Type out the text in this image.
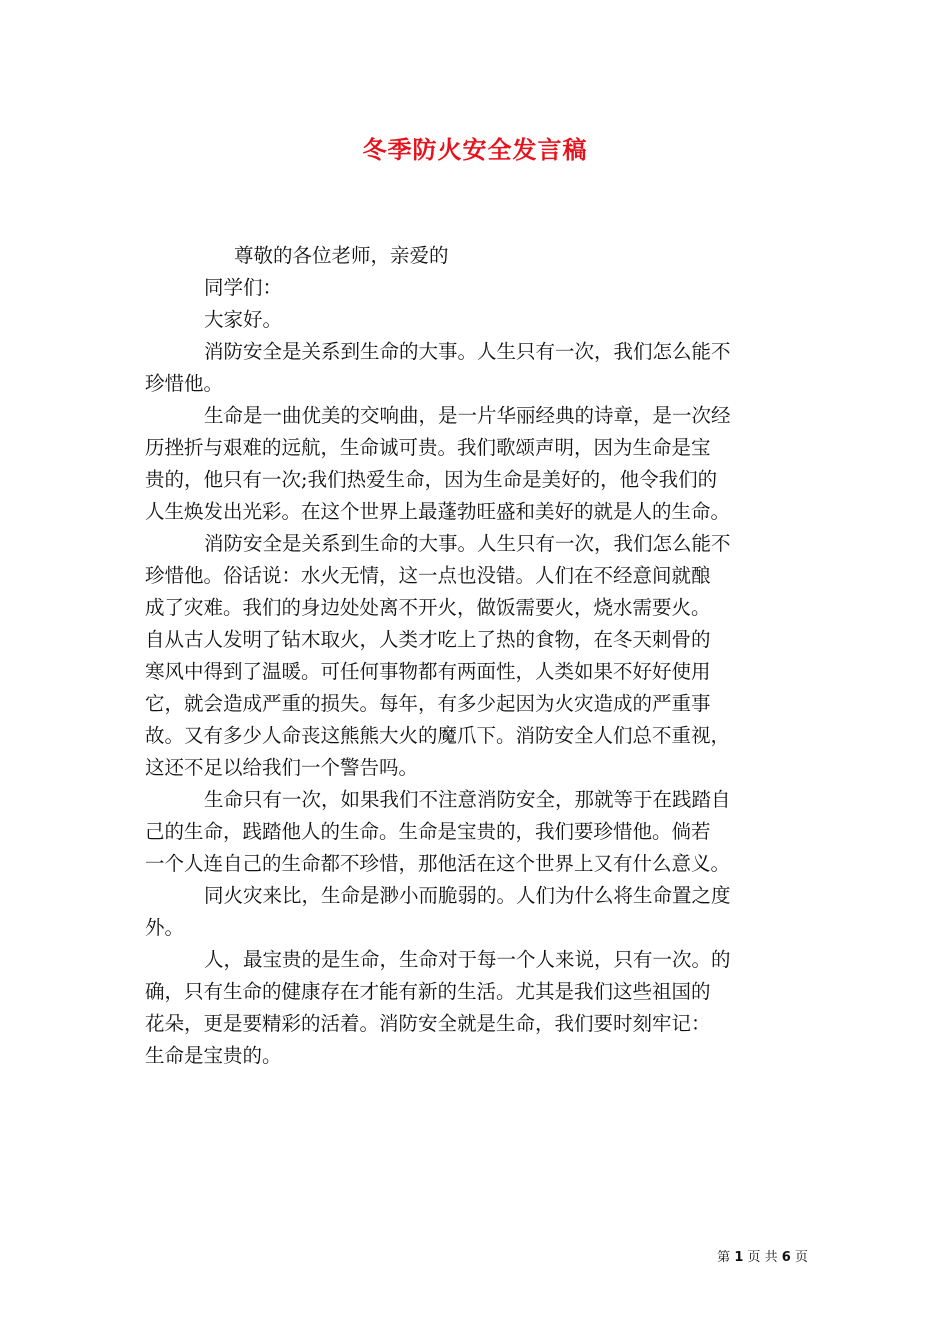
冬季防火安全发言稿
尊敬的各位老师，亲爱的
同学们：
大家好。
消防安全是关系到生命的大事。人生只有一次，我们怎么能不
珍惜他。
生命是一曲优美的交响曲，是一片华丽经典的诗章，是一次经
历挫折与艰难的远航，生命诚可贵。我们歌颂声明，因为生命是宝
贵的，他只有一次;我们热爱生命，因为生命是美好的，他令我们的
人生焕发出光彩。在这个世界上最蓬勃旺盛和美好的就是人的生命。
消防安全是关系到生命的大事。人生只有一次，我们怎么能不
珍惜他。俗话说：水火无情，这一点也没错。人们在不经意间就酿
成了灾难。我们的身边处处离不开火，做饭需要火，烧水需要火。
自从古人发明了钻木取火，人类才吃上了热的食物，在冬天刺骨的
寒风中得到了温暖。可任何事物都有两面性，人类如果不好好使用
它，就会造成严重的损失。每年，有多少起因为火灾造成的严重事
故。又有多少人命丧这熊熊大火的魔爪下。消防安全人们总不重视，
这还不足以给我们一个警告吗。
生命只有一次，如果我们不注意消防安全，那就等于在践踏自
己的生命，践踏他人的生命。生命是宝贵的，我们要珍惜他。倘若
一个人连自己的生命都不珍惜，那他活在这个世界上又有什么意义。
同火灾来比，生命是渺小而脆弱的。人们为什么将生命置之度
外。
人，最宝贵的是生命，生命对于每一个人来说，只有一次。的
确，只有生命的健康存在才能有新的生活。尤其是我们这些祖国的
花朵，更是要精彩的活着。消防安全就是生命，我们要时刻牢记：
生命是宝贵的。
第 1 页 共 6 页
